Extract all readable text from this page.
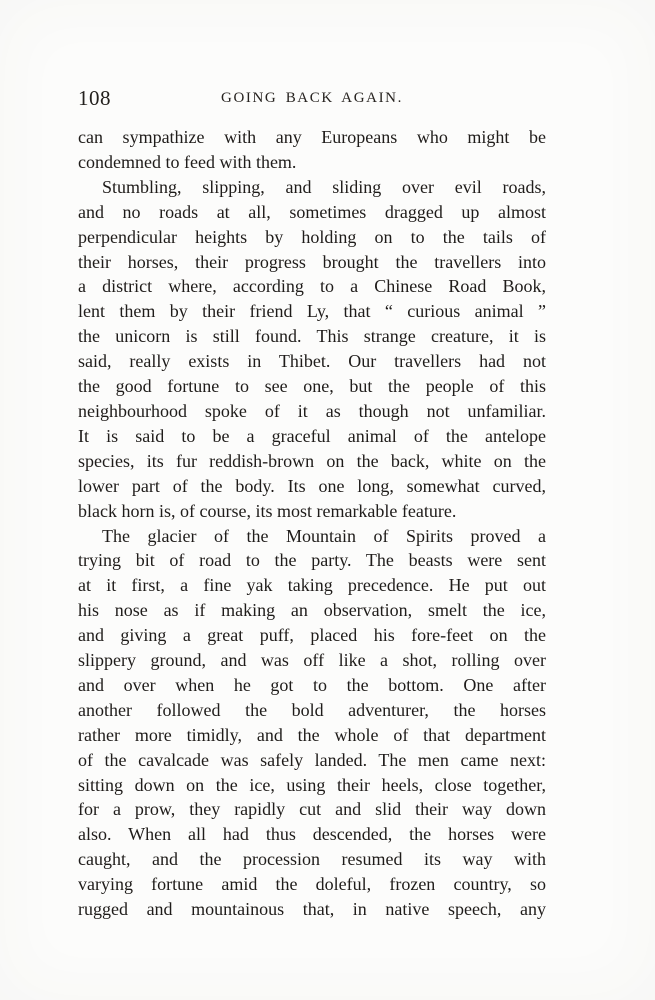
108	GOING BACK AGAIN.
can sympathize with any Europeans who might be
condemned to feed with them.
Stumbling, slipping, and sliding over evil roads,
and no roads at all, sometimes dragged up almost
perpendicular heights by holding on to the tails of
their horses, their progress brought the travellers into
a district where, according to a Chinese Road Book,
lent them by their friend Ly, that “ curious animal ”
the unicorn is still found. This strange creature, it is
said, really exists in Thibet. Our travellers had not
the good fortune to see one, but the people of this
neighbourhood spoke of it as though not unfamiliar.
It is said to be a graceful animal of the antelope
species, its fur reddish-brown on the back, white on the
lower part of the body. Its one long, somewhat curved,
black horn is, of course, its most remarkable feature.
The glacier of the Mountain of Spirits proved a
trying bit of road to the party. The beasts were sent
at it first, a fine yak taking precedence. He put out
his nose as if making an observation, smelt the ice,
and giving a great puff, placed his fore-feet on the
slippery ground, and was off like a shot, rolling over
and over when he got to the bottom. One after
another followed the bold adventurer, the horses
rather more timidly, and the whole of that department
of the cavalcade was safely landed. The men came next:
sitting down on the ice, using their heels, close together,
for a prow, they rapidly cut and slid their way down
also. When all had thus descended, the horses were
caught, and the procession resumed its way with
varying fortune amid the doleful, frozen country, so
rugged and mountainous that, in native speech, any
